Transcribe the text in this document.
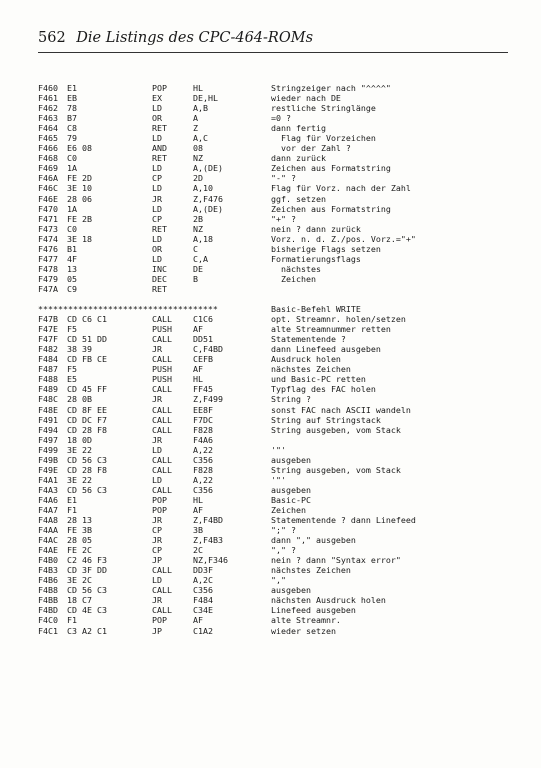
562 Die Listings des CPC-464-ROMs
F460 E1	POP	HL	Stringzeiger nach "^^^^"
F461 EB	EX	DE,HL	wieder nach DE
F462 78	LD	A,B	restliche Stringlänge
F463 B7	OR	A	=0 ?
F464 C8	RET	Z	dann fertig
F465 79	LD	A,C	Flag für Vorzeichen
F466 E6 08	AND	08	vor der Zahl ?
F468 C0	RET	NZ	dann zurück
F469 1A	LD	A,(DE)	Zeichen aus Formatstring
F46A FE 2D	CP	2D	"-" ?
F46C 3E 10	LD	A,10	Flag für Vorz. nach der Zahl
F46E 28 06	JR	Z,F476	ggf. setzen
F470 1A	LD	A,(DE)	Zeichen aus Formatstring
F471 FE 2B	CP	2B	"+" ?
F473 C0	RET	NZ	nein ? dann zurück
F474 3E 18	LD	A,18	Vorz. n. d. Z./pos. Vorz.="+"
F476 B1	OR	C	bisherige Flags setzen
F477 4F	LD	C,A	Formatierungsflags
F478 13	INC	DE	nächstes
F479 05	DEC	B	Zeichen
F47A C9	RET

************************************

	Basic-Befehl WRITE

F47B CD C6 C1	CALL	C1C6	opt. Streamnr. holen/setzen
F47E F5	PUSH	AF	alte Streamnummer retten
F47F CD 51 DD	CALL	DD51	Statementende ?
F482 38 39	JR	C,F4BD	dann Linefeed ausgeben
F484 CD FB CE	CALL	CEFB	Ausdruck holen
F487 F5	PUSH	AF	nächstes Zeichen
F488 E5	PUSH	HL	und Basic-PC retten
F489 CD 45 FF	CALL	FF45	Typflag des FAC holen
F48C 28 0B	JR	Z,F499	String ?
F48E CD 8F EE	CALL	EE8F	sonst FAC nach ASCII wandeln
F491 CD DC F7	CALL	F7DC	String auf Stringstack
F494 CD 28 F8	CALL	F828	String ausgeben, vom Stack
F497 18 0D	JR	F4A6
F499 3E 22	LD	A,22	'"'
F49B CD 56 C3	CALL	C356	ausgeben
F49E CD 28 F8	CALL	F828	String ausgeben, vom Stack
F4A1 3E 22	LD	A,22	'"'
F4A3 CD 56 C3	CALL	C356	ausgeben
F4A6 E1	POP	HL	Basic-PC
F4A7 F1	POP	AF	Zeichen
F4A8 28 13	JR	Z,F4BD	Statementende ? dann Linefeed
F4AA FE 3B	CP	3B	";" ?
F4AC 28 05	JR	Z,F4B3	dann "," ausgeben
F4AE FE 2C	CP	2C	"," ?
F4B0 C2 46 F3	JP	NZ,F346	nein ? dann "Syntax error"
F4B3 CD 3F DD	CALL	DD3F	nächstes Zeichen
F4B6 3E 2C	LD	A,2C	","
F4B8 CD 56 C3	CALL	C356	ausgeben
F4BB 18 C7	JR	F484	nächsten Ausdruck holen
F4BD CD 4E C3	CALL	C34E	Linefeed ausgeben
F4C0 F1	POP	AF	alte Streamnr.
F4C1 C3 A2 C1	JP	C1A2	wieder setzen
